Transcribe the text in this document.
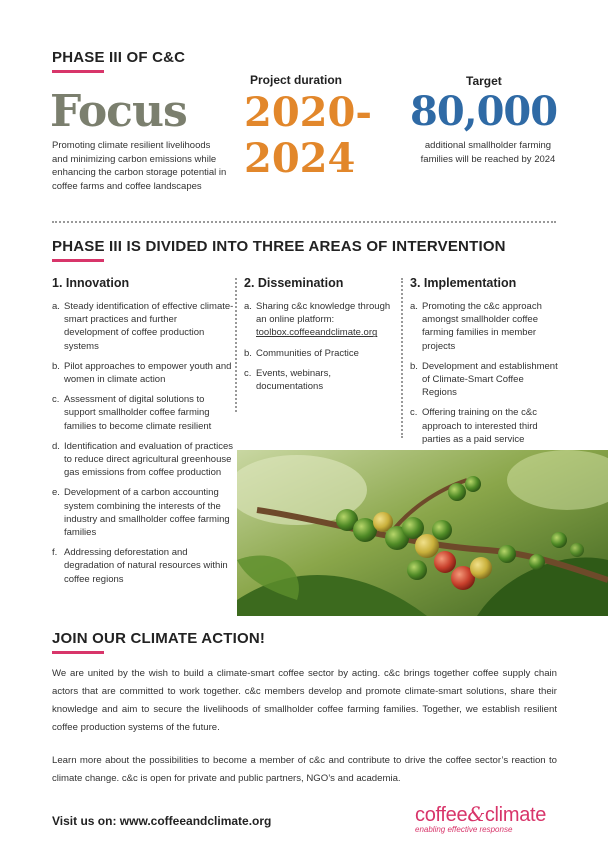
PHASE III OF C&C
Focus
Promoting climate resilient livelihoods and minimizing carbon emissions while enhancing the carbon storage potential in coffee farms and coffee landscapes
Project duration
2020-
2024
Target
80,000
additional smallholder farming families will be reached by 2024
PHASE III IS DIVIDED INTO THREE AREAS OF INTERVENTION
1. Innovation
a. Steady identification of effective climate-smart practices and further development of coffee production systems
b. Pilot approaches to empower youth and women in climate action
c. Assessment of digital solutions to support smallholder coffee farming families to become climate resilient
d. Identification and evaluation of practices to reduce direct agricultural greenhouse gas emissions from coffee production
e. Development of a carbon accounting system combining the interests of the industry and smallholder coffee farming families
f. Addressing deforestation and degradation of natural resources within coffee regions
2. Dissemination
a. Sharing c&c knowledge through an online platform: toolbox.coffeeandclimate.org
b. Communities of Practice
c. Events, webinars, documentations
3. Implementation
a. Promoting the c&c approach amongst smallholder coffee farming families in member projects
b. Development and establishment of Climate-Smart Coffee Regions
c. Offering training on the c&c approach to interested third parties as a paid service
JOIN OUR CLIMATE ACTION!
We are united by the wish to build a climate-smart coffee sector by acting. c&c brings together coffee supply chain actors that are committed to work together. c&c members develop and promote climate-smart solutions, share their knowledge and aim to secure the livelihoods of smallholder coffee farming families. Together, we establish resilient coffee production systems of the future.
Learn more about the possibilities to become a member of c&c and contribute to drive the coffee sector’s reaction to climate change. c&c is open for private and public partners, NGO’s and academia.
Visit us on: www.coffeeandclimate.org	coffee&climate
enabling effective response
